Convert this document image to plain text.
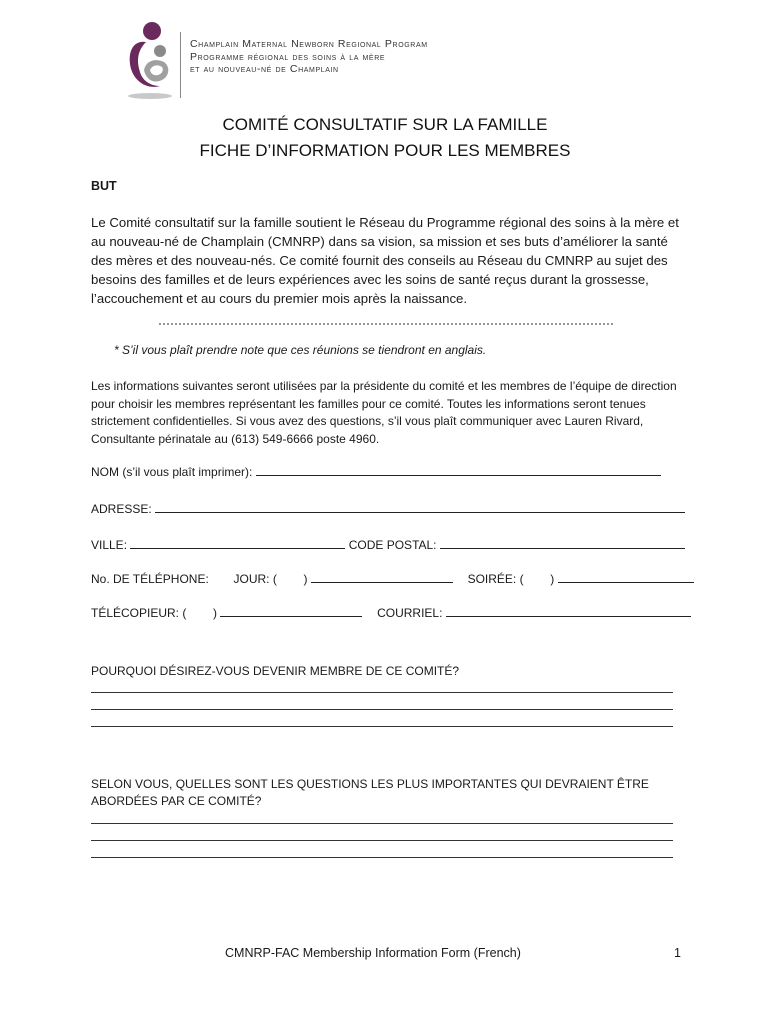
Champlain Maternal Newborn Regional Program
Programme régional des soins à la mère
et au nouveau-né de Champlain
COMITÉ CONSULTATIF SUR LA FAMILLE
FICHE D’INFORMATION POUR LES MEMBRES
BUT
Le Comité consultatif sur la famille soutient le Réseau du Programme régional des soins à la mère et au nouveau-né de Champlain (CMNRP) dans sa vision, sa mission et ses buts d’améliorer la santé des mères et des nouveau-nés. Ce comité fournit des conseils au Réseau du CMNRP au sujet des besoins des familles et de leurs expériences avec les soins de santé reçus durant la grossesse, l’accouchement et au cours du premier mois après la naissance.
* S’il vous plaît prendre note que ces réunions se tiendront en anglais.
Les informations suivantes seront utilisées par la présidente du comité et les membres de l’équipe de direction pour choisir les membres représentant les familles pour ce comité. Toutes les informations seront tenues strictement confidentielles. Si vous avez des questions, s’il vous plaît communiquer avec Lauren Rivard, Consultante périnatale au (613) 549-6666 poste 4960.
NOM (s’il vous plaît imprimer):
ADRESSE:
VILLE:	CODE POSTAL:
No. DE TÉLÉPHONE: JOUR: ( )	SOIRÉE: ( )
TÉLÉCOPIEUR: ( )	COURRIEL:
POURQUOI DÉSIREZ-VOUS DEVENIR MEMBRE DE CE COMITÉ?
SELON VOUS, QUELLES SONT LES QUESTIONS LES PLUS IMPORTANTES QUI DEVRAIENT ÊTRE ABORDÉES PAR CE COMITÉ?
CMNRP-FAC Membership Information Form (French)	1
